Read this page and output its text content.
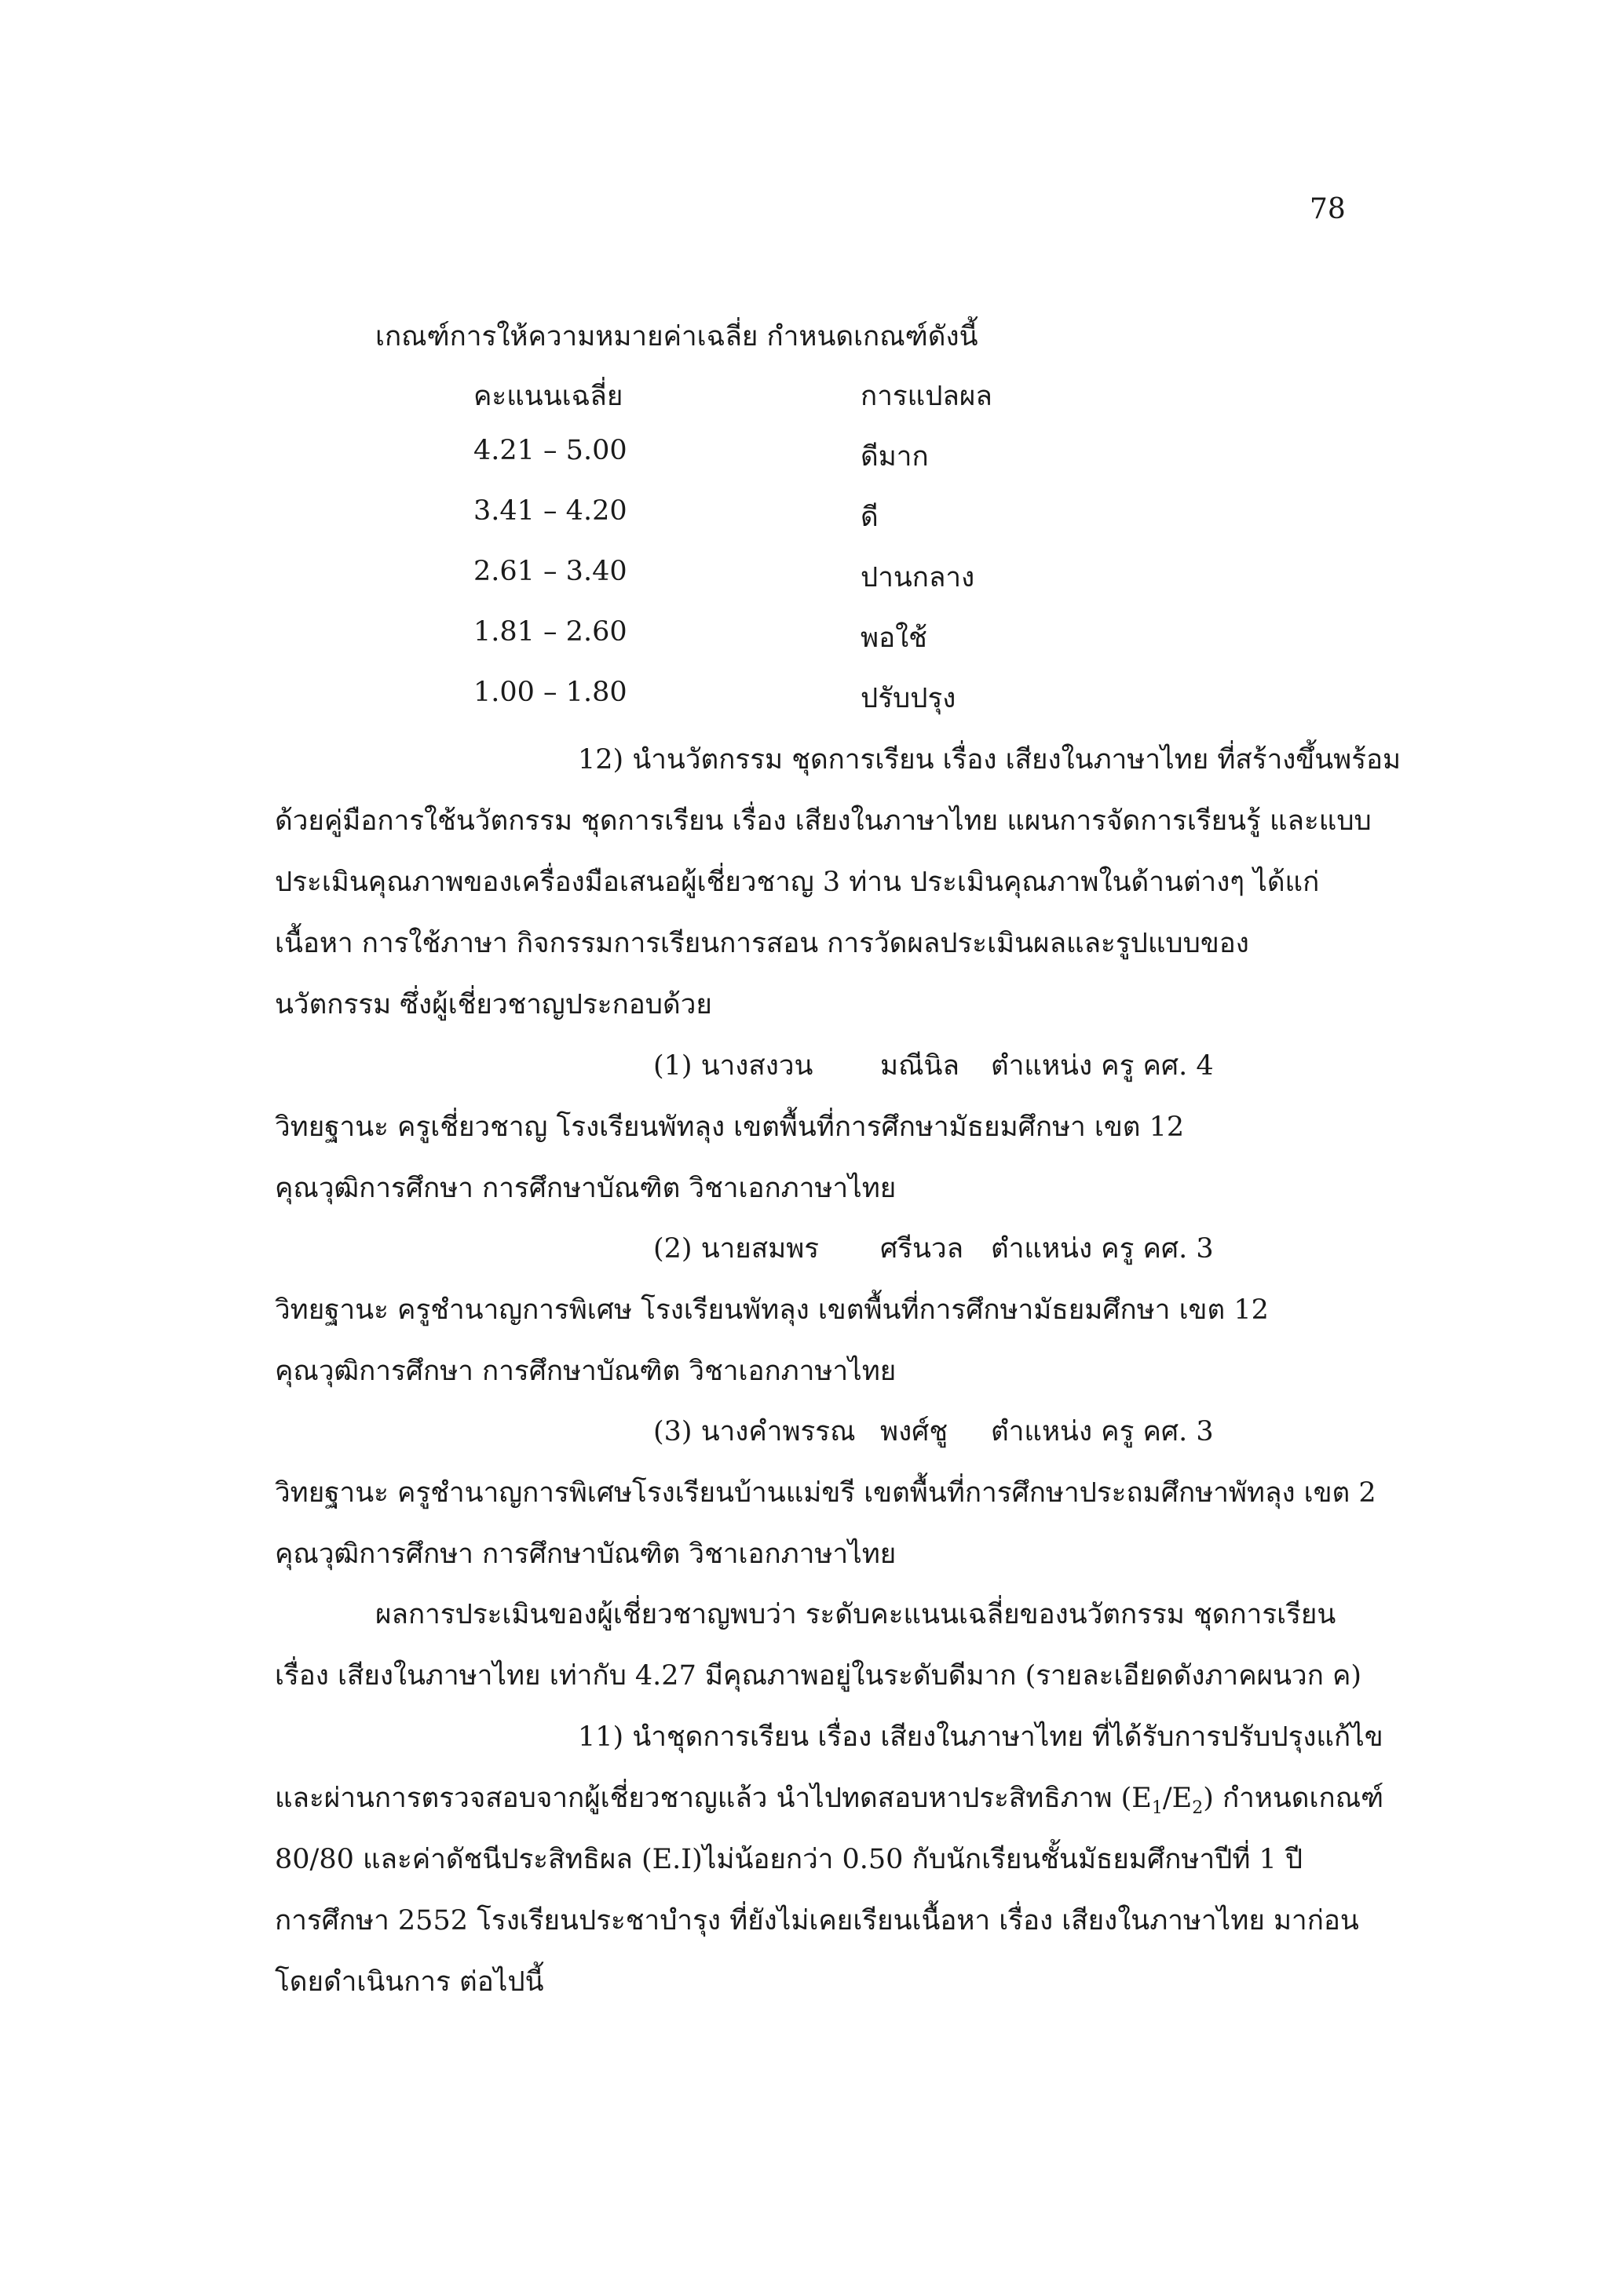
78
เกณฑ์การให้ความหมายค่าเฉลี่ย กำหนดเกณฑ์ดังนี้
คะแนนเฉลี่ย	การแปลผล
4.21 – 5.00	ดีมาก
3.41 – 4.20	ดี
2.61 – 3.40	ปานกลาง
1.81 – 2.60	พอใช้
1.00 – 1.80	ปรับปรุง
12) นำนวัตกรรม ชุดการเรียน เรื่อง เสียงในภาษาไทย ที่สร้างขึ้นพร้อม
ด้วยคู่มือการใช้นวัตกรรม ชุดการเรียน เรื่อง เสียงในภาษาไทย แผนการจัดการเรียนรู้ และแบบ
ประเมินคุณภาพของเครื่องมือเสนอผู้เชี่ยวชาญ 3 ท่าน ประเมินคุณภาพในด้านต่างๆ ได้แก่
เนื้อหา การใช้ภาษา กิจกรรมการเรียนการสอน การวัดผลประเมินผลและรูปแบบของ
นวัตกรรม ซึ่งผู้เชี่ยวชาญประกอบด้วย
(1) นางสงวน มณีนิล ตำแหน่ง ครู คศ. 4
วิทยฐานะ ครูเชี่ยวชาญ โรงเรียนพัทลุง เขตพื้นที่การศึกษามัธยมศึกษา เขต 12
คุณวุฒิการศึกษา การศึกษาบัณฑิต วิชาเอกภาษาไทย
(2) นายสมพร ศรีนวล ตำแหน่ง ครู คศ. 3
วิทยฐานะ ครูชำนาญการพิเศษ โรงเรียนพัทลุง เขตพื้นที่การศึกษามัธยมศึกษา เขต 12
คุณวุฒิการศึกษา การศึกษาบัณฑิต วิชาเอกภาษาไทย
(3) นางคำพรรณ พงศ์ชู ตำแหน่ง ครู คศ. 3
วิทยฐานะ ครูชำนาญการพิเศษโรงเรียนบ้านแม่ขรี เขตพื้นที่การศึกษาประถมศึกษาพัทลุง เขต 2
คุณวุฒิการศึกษา การศึกษาบัณฑิต วิชาเอกภาษาไทย
ผลการประเมินของผู้เชี่ยวชาญพบว่า ระดับคะแนนเฉลี่ยของนวัตกรรม ชุดการเรียน
เรื่อง เสียงในภาษาไทย เท่ากับ 4.27 มีคุณภาพอยู่ในระดับดีมาก (รายละเอียดดังภาคผนวก ค)
11) นำชุดการเรียน เรื่อง เสียงในภาษาไทย ที่ได้รับการปรับปรุงแก้ไข
และผ่านการตรวจสอบจากผู้เชี่ยวชาญแล้ว นำไปทดสอบหาประสิทธิภาพ $(E_1/E_2)$ กำหนดเกณฑ์
80/80 และค่าดัชนีประสิทธิผล (E.I)ไม่น้อยกว่า 0.50 กับนักเรียนชั้นมัธยมศึกษาปีที่ 1 ปี
การศึกษา 2552 โรงเรียนประชาบำรุง ที่ยังไม่เคยเรียนเนื้อหา เรื่อง เสียงในภาษาไทย มาก่อน
โดยดำเนินการ ต่อไปนี้
